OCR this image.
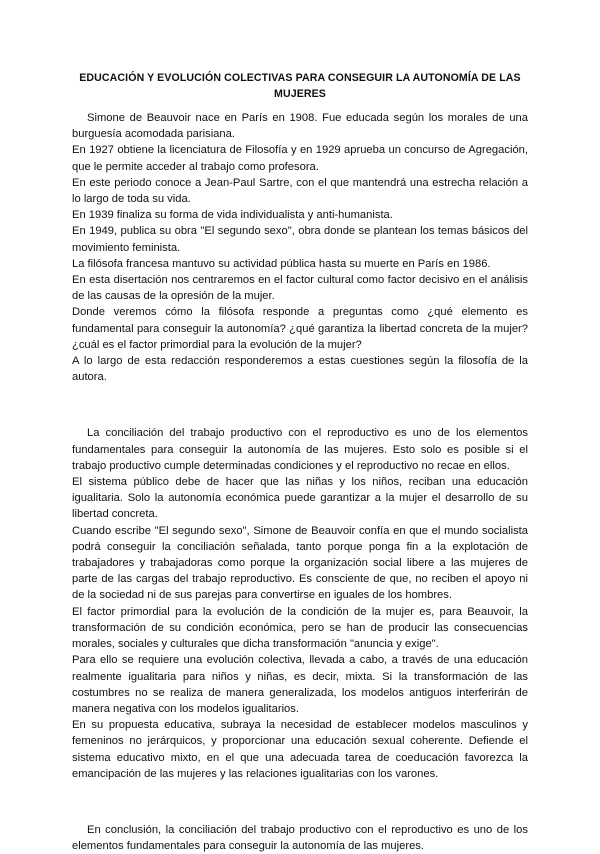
EDUCACIÓN Y EVOLUCIÓN COLECTIVAS PARA CONSEGUIR LA AUTONOMÍA DE LAS MUJERES

Simone de Beauvoir nace en París en 1908. Fue educada según los morales de una burguesía acomodada parisiana.

En 1927 obtiene la licenciatura de Filosofía y en 1929 aprueba un concurso de Agregación, que le permite acceder al trabajo como profesora.

En este periodo conoce a Jean-Paul Sartre, con el que mantendrá una estrecha relación a lo largo de toda su vida.

En 1939 finaliza su forma de vida individualista y anti-humanista.

En 1949, publica su obra "El segundo sexo", obra donde se plantean los temas básicos del movimiento feminista.

La filósofa francesa mantuvo su actividad pública hasta su muerte en París en 1986.

En esta disertación nos centraremos en el factor cultural como factor decisivo en el análisis de las causas de la opresión de la mujer.

Donde veremos cómo la filósofa responde a preguntas como ¿qué elemento es fundamental para conseguir la autonomía? ¿qué garantiza la libertad concreta de la mujer? ¿cuál es el factor primordial para la evolución de la mujer?

A lo largo de esta redacción responderemos a estas cuestiones según la filosofía de la autora.

La conciliación del trabajo productivo con el reproductivo es uno de los elementos fundamentales para conseguir la autonomía de las mujeres. Esto solo es posible si el trabajo productivo cumple determinadas condiciones y el reproductivo no recae en ellos.

El sistema público debe de hacer que las niñas y los niños, reciban una educación igualitaria. Solo la autonomía económica puede garantizar a la mujer el desarrollo de su libertad concreta.

Cuando escribe "El segundo sexo", Simone de Beauvoir confía en que el mundo socialista podrá conseguir la conciliación señalada, tanto porque ponga fin a la explotación de trabajadores y trabajadoras como porque la organización social libere a las mujeres de parte de las cargas del trabajo reproductivo. Es consciente de que, no reciben el apoyo ni de la sociedad ni de sus parejas para convertirse en iguales de los hombres.

El factor primordial para la evolución de la condición de la mujer es, para Beauvoir, la transformación de su condición económica, pero se han de producir las consecuencias morales, sociales y culturales que dicha transformación "anuncia y exige".

Para ello se requiere una evolución colectiva, llevada a cabo, a través de una educación realmente igualitaria para niños y niñas, es decir, mixta. Si la transformación de las costumbres no se realiza de manera generalizada, los modelos antiguos interferirán de manera negativa con los modelos igualitarios.

En su propuesta educativa, subraya la necesidad de establecer modelos masculinos y femeninos no jerárquicos, y proporcionar una educación sexual coherente. Defiende el sistema educativo mixto, en el que una adecuada tarea de coeducación favorezca la emancipación de las mujeres y las relaciones igualitarias con los varones.

En conclusión, la conciliación del trabajo productivo con el reproductivo es uno de los elementos fundamentales para conseguir la autonomía de las mujeres.
